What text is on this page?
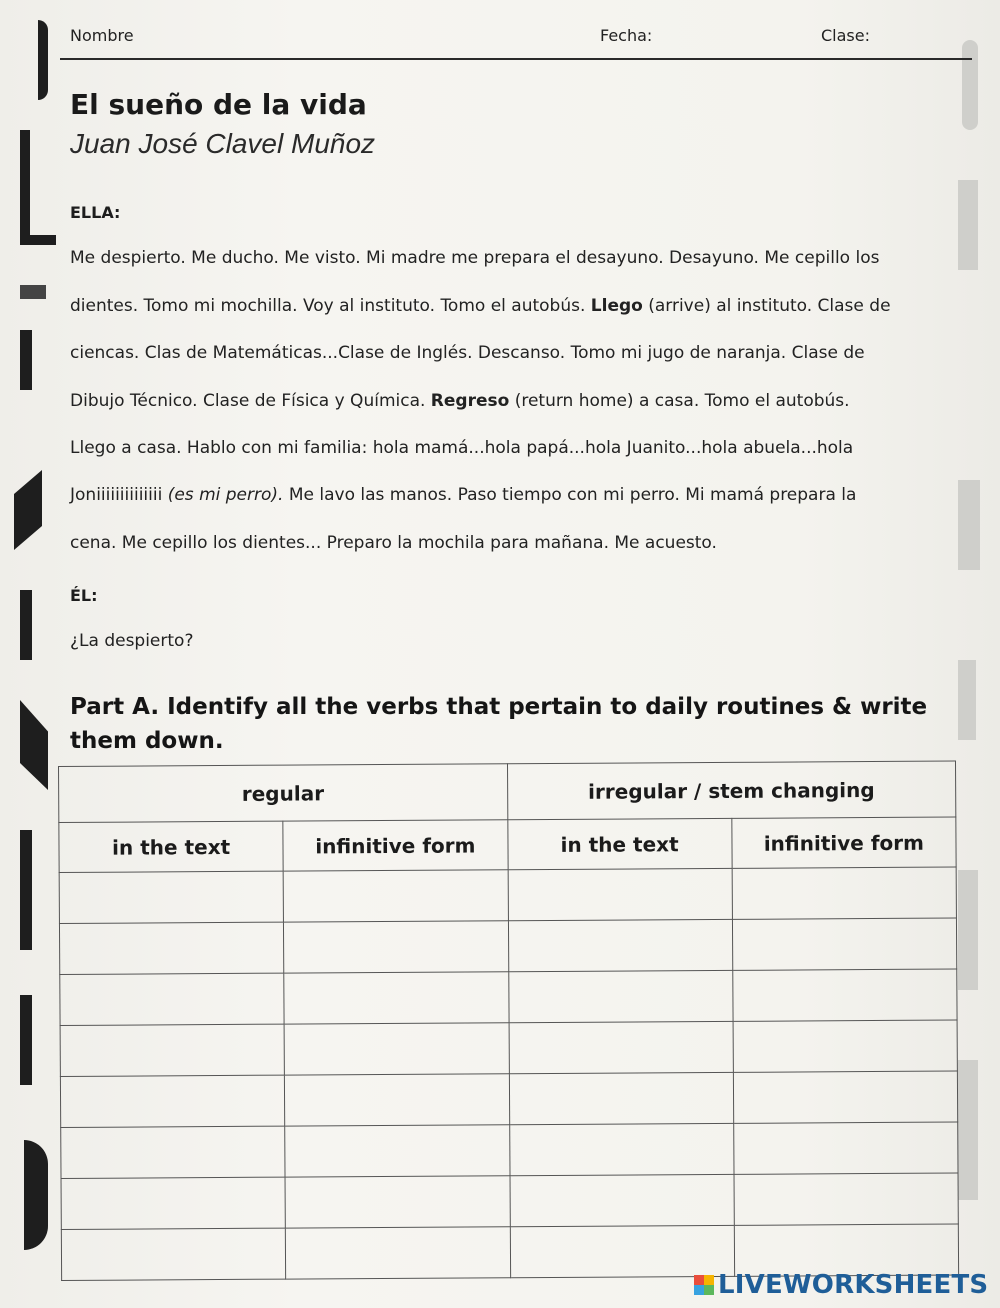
Nombre	Fecha:	Clase:
El sueño de la vida
Juan José Clavel Muñoz
ELLA:
Me despierto. Me ducho. Me visto. Mi madre me prepara el desayuno. Desayuno. Me cepillo los
dientes. Tomo mi mochilla. Voy al instituto. Tomo el autobús. Llego (arrive) al instituto. Clase de
ciencas. Clas de Matemáticas...Clase de Inglés. Descanso. Tomo mi jugo de naranja. Clase de
Dibujo Técnico. Clase de Física y Química. Regreso (return home) a casa. Tomo el autobús.
Llego a casa. Hablo con mi familia: hola mamá...hola papá...hola Juanito...hola abuela...hola
Joniiiiiiiiiiiiii (es mi perro). Me lavo las manos. Paso tiempo con mi perro. Mi mamá prepara la
cena. Me cepillo los dientes... Preparo la mochila para mañana. Me acuesto.
ÉL:
¿La despierto?
Part A. Identify all the verbs that pertain to daily routines & write
them down.
regular		irregular / stem changing	
in the text	infinitive form	in the text	infinitive form

LIVEWORKSHEETS
